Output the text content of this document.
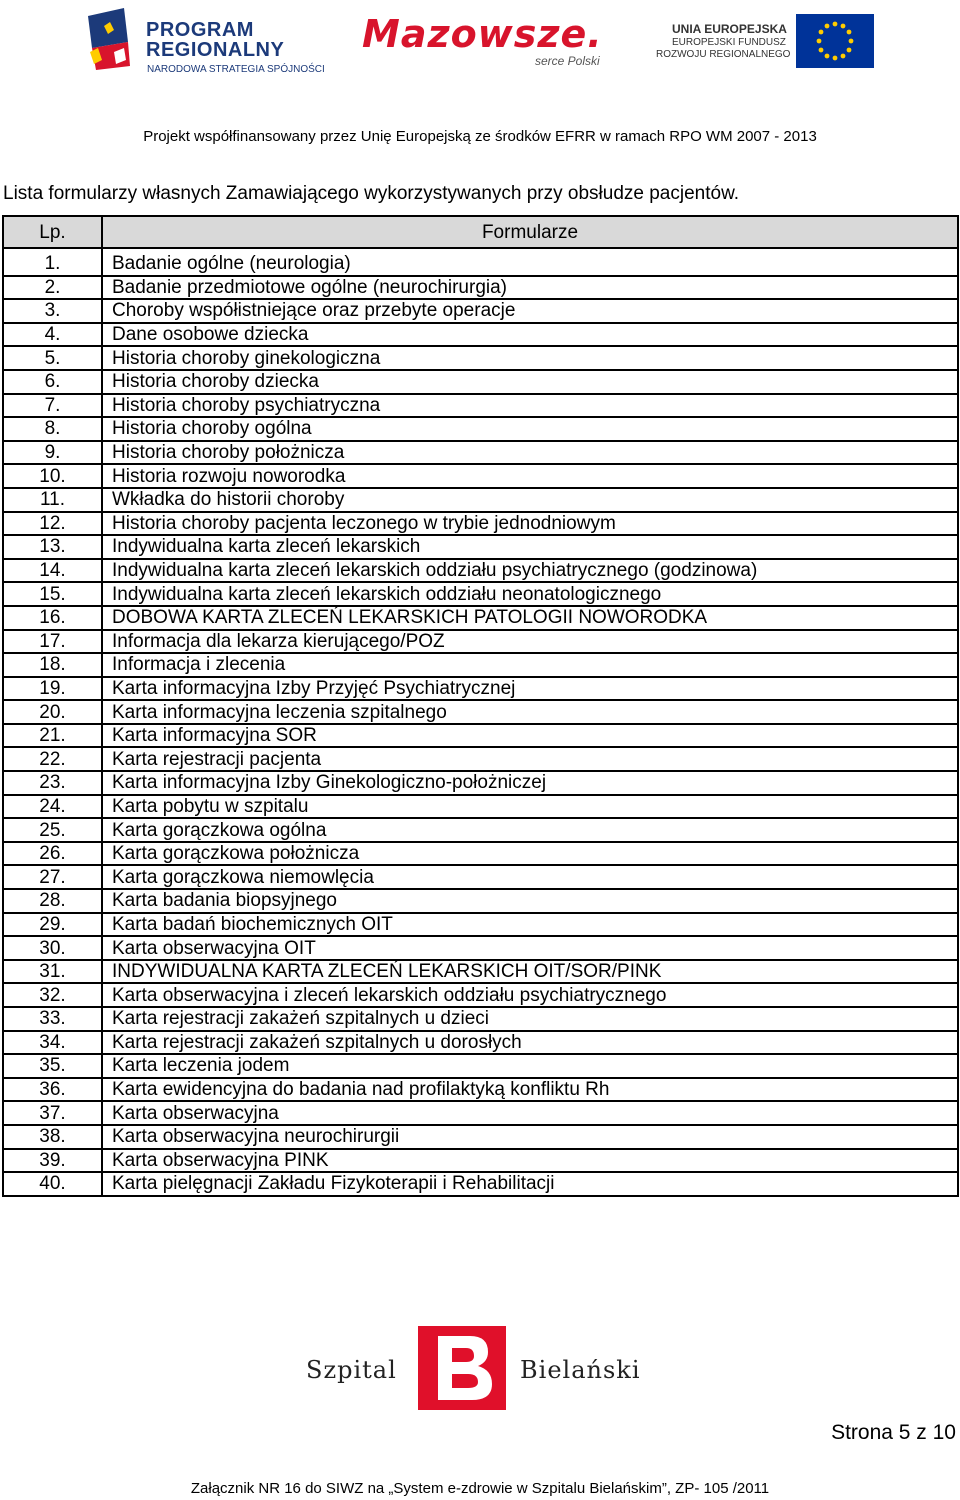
PROGRAM
REGIONALNY
NARODOWA STRATEGIA SPÓJNOŚCI
Mazowsze.
serce Polski
UNIA EUROPEJSKA
EUROPEJSKI FUNDUSZ
ROZWOJU REGIONALNEGO
Projekt współfinansowany przez Unię Europejską ze środków EFRR w ramach RPO WM 2007 - 2013
Lista formularzy własnych Zamawiającego wykorzystywanych przy obsłudze pacjentów.
Lp.	Formularze
1.	Badanie ogólne (neurologia)
2.	Badanie przedmiotowe ogólne (neurochirurgia)
3.	Choroby współistniejące oraz przebyte operacje
4.	Dane osobowe dziecka
5.	Historia choroby ginekologiczna
6.	Historia choroby dziecka
7.	Historia choroby psychiatryczna
8.	Historia choroby ogólna
9.	Historia choroby położnicza
10.	Historia rozwoju noworodka
11.	Wkładka do historii choroby
12.	Historia choroby pacjenta leczonego w trybie jednodniowym
13.	Indywidualna karta zleceń lekarskich
14.	Indywidualna karta zleceń lekarskich oddziału psychiatrycznego (godzinowa)
15.	Indywidualna karta zleceń lekarskich oddziału neonatologicznego
16.	DOBOWA KARTA ZLECEŃ LEKARSKICH PATOLOGII NOWORODKA
17.	Informacja dla lekarza kierującego/POZ
18.	Informacja i zlecenia
19.	Karta informacyjna Izby Przyjęć Psychiatrycznej
20.	Karta informacyjna leczenia szpitalnego
21.	Karta informacyjna SOR
22.	Karta rejestracji pacjenta
23.	Karta informacyjna Izby Ginekologiczno-położniczej
24.	Karta pobytu w szpitalu
25.	Karta gorączkowa ogólna
26.	Karta gorączkowa położnicza
27.	Karta gorączkowa niemowlęcia
28.	Karta badania biopsyjnego
29.	Karta badań biochemicznych OIT
30.	Karta obserwacyjna OIT
31.	INDYWIDUALNA KARTA ZLECEŃ LEKARSKICH OIT/SOR/PINK
32.	Karta obserwacyjna i zleceń lekarskich oddziału psychiatrycznego
33.	Karta rejestracji zakażeń szpitalnych u dzieci
34.	Karta rejestracji zakażeń szpitalnych u dorosłych
35.	Karta leczenia jodem
36.	Karta ewidencyjna do badania nad profilaktyką konfliktu Rh
37.	Karta obserwacyjna
38.	Karta obserwacyjna neurochirurgii
39.	Karta obserwacyjna PINK
40.	Karta pielęgnacji Zakładu Fizykoterapii i Rehabilitacji
Szpital	Bielański
Strona 5 z 10
Załącznik NR 16 do SIWZ na „System e-zdrowie w Szpitalu Bielańskim”, ZP- 105 /2011
